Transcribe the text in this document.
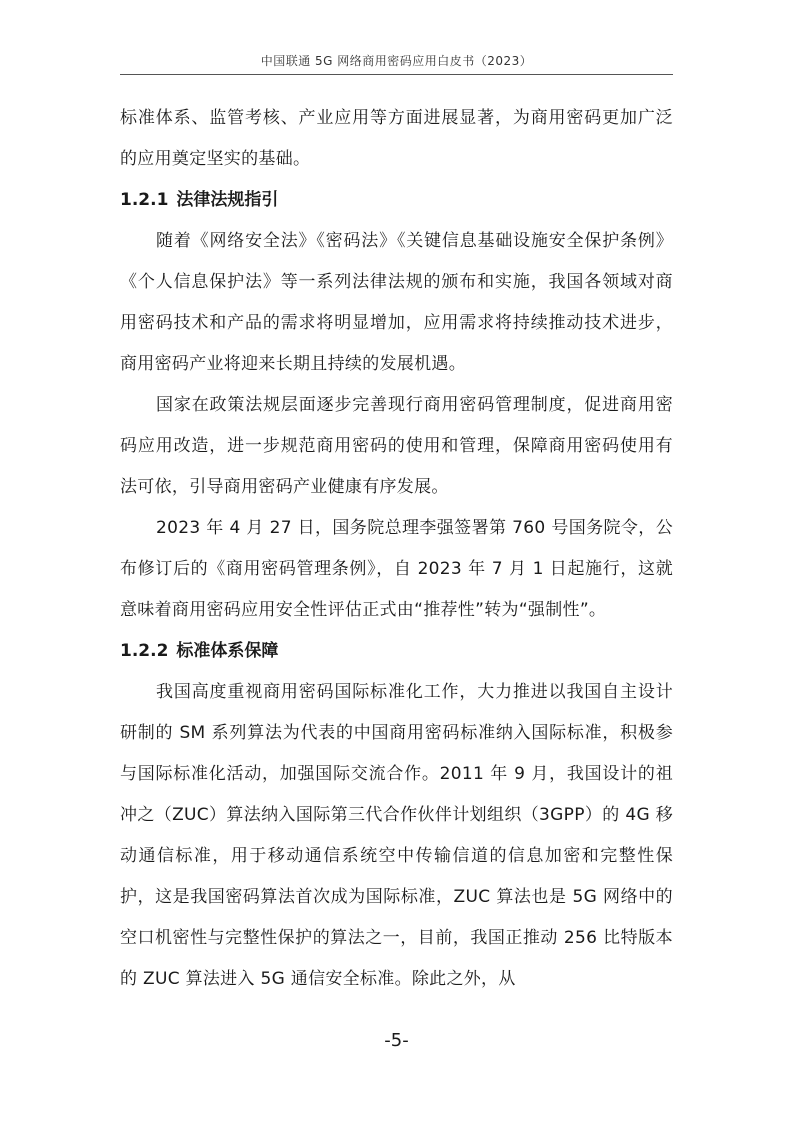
中国联通 5G 网络商用密码应用白皮书（2023）

标准体系、监管考核、产业应用等方面进展显著，为商用密码更加广泛的应用奠定坚实的基础。

1.2.1 法律法规指引

随着《网络安全法》《密码法》《关键信息基础设施安全保护条例》《个人信息保护法》等一系列法律法规的颁布和实施，我国各领域对商用密码技术和产品的需求将明显增加，应用需求将持续推动技术进步，商用密码产业将迎来长期且持续的发展机遇。

国家在政策法规层面逐步完善现行商用密码管理制度，促进商用密码应用改造，进一步规范商用密码的使用和管理，保障商用密码使用有法可依，引导商用密码产业健康有序发展。

2023 年 4 月 27 日，国务院总理李强签署第 760 号国务院令，公布修订后的《商用密码管理条例》，自 2023 年 7 月 1 日起施行，这就意味着商用密码应用安全性评估正式由“推荐性”转为“强制性”。

1.2.2 标准体系保障

我国高度重视商用密码国际标准化工作，大力推进以我国自主设计研制的 SM 系列算法为代表的中国商用密码标准纳入国际标准，积极参与国际标准化活动，加强国际交流合作。2011 年 9 月，我国设计的祖冲之（ZUC）算法纳入国际第三代合作伙伴计划组织（3GPP）的 4G 移动通信标准，用于移动通信系统空中传输信道的信息加密和完整性保护，这是我国密码算法首次成为国际标准，ZUC 算法也是 5G 网络中的空口机密性与完整性保护的算法之一，目前，我国正推动 256 比特版本的 ZUC 算法进入 5G 通信安全标准。除此之外，从

-5-
